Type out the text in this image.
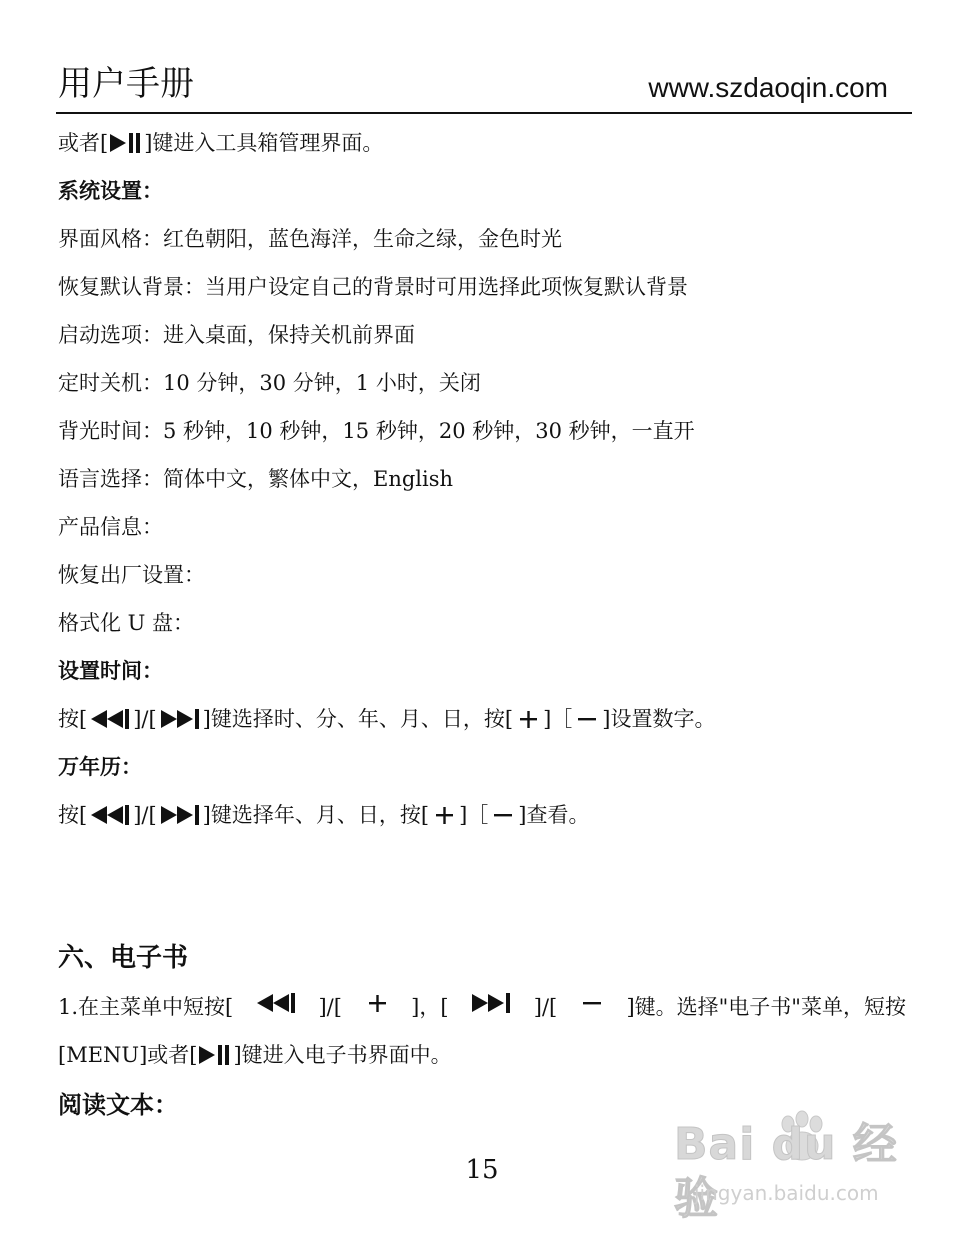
用户手册	www.szdaoqin.com
或者[ ]键进入工具箱管理界面。
系统设置：
界面风格：红色朝阳，蓝色海洋，生命之绿，金色时光
恢复默认背景：当用户设定自己的背景时可用选择此项恢复默认背景
启动选项：进入桌面，保持关机前界面
定时关机：10 分钟，30 分钟，1 小时，关闭
背光时间：5 秒钟，10 秒钟，15 秒钟，20 秒钟，30 秒钟，一直开
语言选择：简体中文，繁体中文，English
产品信息：
恢复出厂设置：
格式化 U 盘：
设置时间：
按[ ]/[ ]键选择时、分、年、月、日，按[ ]［ ]设置数字。
万年历：
按[ ]/[ ]键选择年、月、日，按[ ]［ ]查看。
六、电子书
1.在主菜单中短按[	]/[	]，[	]/[	]键。选择"电子书"菜单，短按
[MENU]或者[ ]键进入电子书界面中。
阅读文本：
15	Bai du 经验
jingyan.baidu.com
